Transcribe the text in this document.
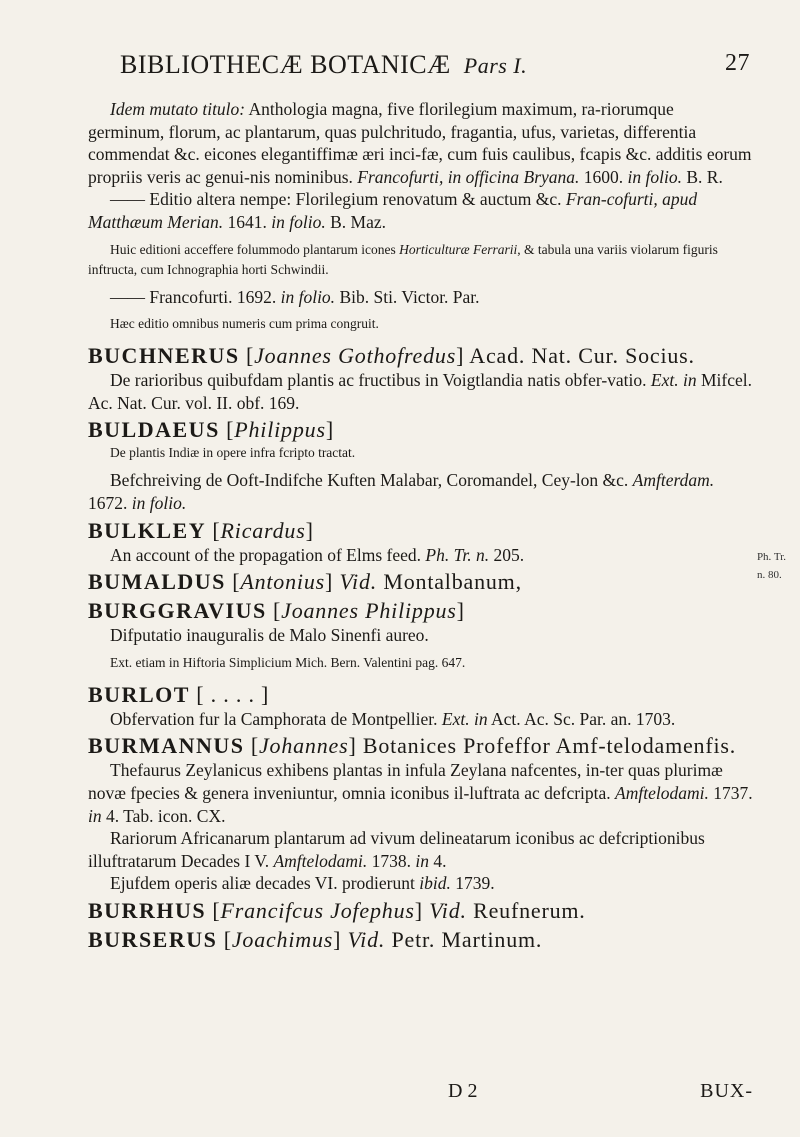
BIBLIOTHECÆ BOTANICÆ Pars I.	27

Idem mutato titulo: Anthologia magna, five florilegium maximum, ra-riorumque germinum, florum, ac plantarum, quas pulchritudo, fragantia, ufus, varietas, differentia commendat &c. eicones elegantiffimæ æri inci-fæ, cum fuis caulibus, fcapis &c. additis eorum propriis veris ac genui-nis nominibus. Francofurti, in officina Bryana. 1600. in folio. B. R.

—— Editio altera nempe: Florilegium renovatum & auctum &c. Fran-cofurti, apud Matthæum Merian. 1641. in folio. B. Maz.

Huic editioni acceffere folummodo plantarum icones Horticulturæ Ferrarii, & tabula una variis violarum figuris inftructa, cum Ichnographia horti Schwindii.

—— Francofurti. 1692. in folio. Bib. Sti. Victor. Par.

Hæc editio omnibus numeris cum prima congruit.

BUCHNERUS [Joannes Gothofredus] Acad. Nat. Cur. Socius.

De rarioribus quibufdam plantis ac fructibus in Voigtlandia natis obfer-vatio. Ext. in Mifcel. Ac. Nat. Cur. vol. II. obf. 169.

BULDAEUS [Philippus]

De plantis Indiæ in opere infra fcripto tractat.

Befchreiving de Ooft-Indifche Kuften Malabar, Coromandel, Cey-lon &c. Amfterdam. 1672. in folio.

BULKLEY [Ricardus]

An account of the propagation of Elms feed. Ph. Tr. n. 205.

BUMALDUS [Antonius] Vid. Montalbanum,

BURGGRAVIUS [Joannes Philippus]

Difputatio inauguralis de Malo Sinenfi aureo.

Ext. etiam in Hiftoria Simplicium Mich. Bern. Valentini pag. 647.

BURLOT [ . . . . ]

Obfervation fur la Camphorata de Montpellier. Ext. in Act. Ac. Sc. Par. an. 1703.

BURMANNUS [Johannes] Botanices Profeffor Amf-telodamenfis.

Thefaurus Zeylanicus exhibens plantas in infula Zeylana nafcentes, in-ter quas plurimæ novæ fpecies & genera inveniuntur, omnia iconibus il-luftrata ac defcripta. Amftelodami. 1737. in 4. Tab. icon. CX.

Rariorum Africanarum plantarum ad vivum delineatarum iconibus ac defcriptionibus illuftratarum Decades I V. Amftelodami. 1738. in 4.

Ejufdem operis aliæ decades VI. prodierunt ibid. 1739.

BURRHUS [Francifcus Jofephus] Vid. Reufnerum.

BURSERUS [Joachimus] Vid. Petr. Martinum.

Ph. Tr.
n. 80.
D 2	BUX-
